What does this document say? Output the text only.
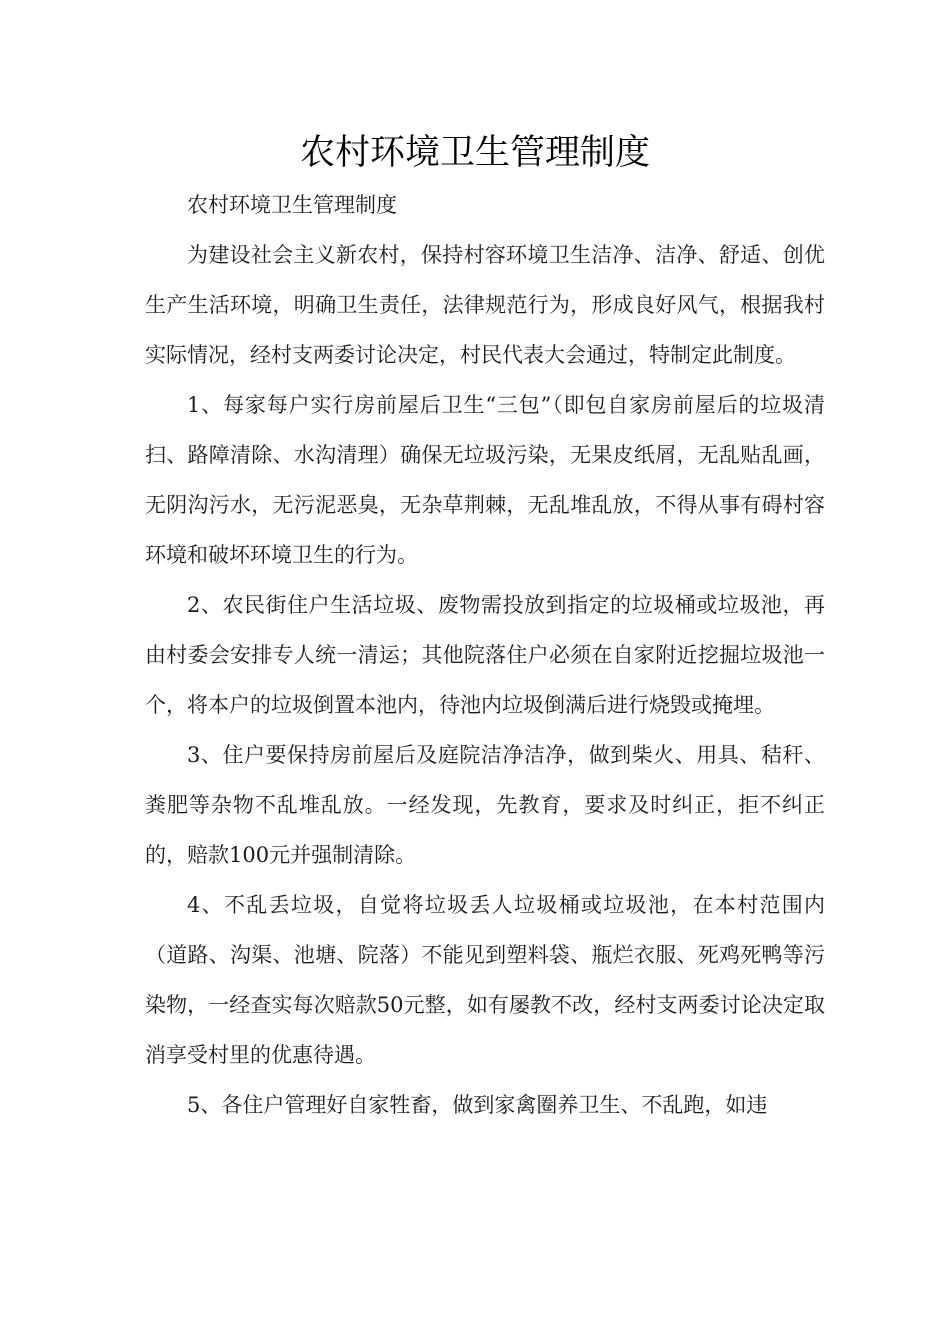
农村环境卫生管理制度

农村环境卫生管理制度

为建设社会主义新农村，保持村容环境卫生洁净、洁净、舒适、创优生产生活环境，明确卫生责任，法律规范行为，形成良好风气，根据我村实际情况，经村支两委讨论决定，村民代表大会通过，特制定此制度。

1、每家每户实行房前屋后卫生“三包”（即包自家房前屋后的垃圾清扫、路障清除、水沟清理）确保无垃圾污染，无果皮纸屑，无乱贴乱画，无阴沟污水，无污泥恶臭，无杂草荆棘，无乱堆乱放，不得从事有碍村容环境和破坏环境卫生的行为。

2、农民街住户生活垃圾、废物需投放到指定的垃圾桶或垃圾池，再由村委会安排专人统一清运；其他院落住户必须在自家附近挖掘垃圾池一个，将本户的垃圾倒置本池内，待池内垃圾倒满后进行烧毁或掩埋。

3、住户要保持房前屋后及庭院洁净洁净，做到柴火、用具、秸秆、粪肥等杂物不乱堆乱放。一经发现，先教育，要求及时纠正，拒不纠正的，赔款100元并强制清除。

4、不乱丢垃圾，自觉将垃圾丢人垃圾桶或垃圾池，在本村范围内（道路、沟渠、池塘、院落）不能见到塑料袋、瓶烂衣服、死鸡死鸭等污染物，一经查实每次赔款50元整，如有屡教不改，经村支两委讨论决定取消享受村里的优惠待遇。

5、各住户管理好自家牲畜，做到家禽圈养卫生、不乱跑，如违
